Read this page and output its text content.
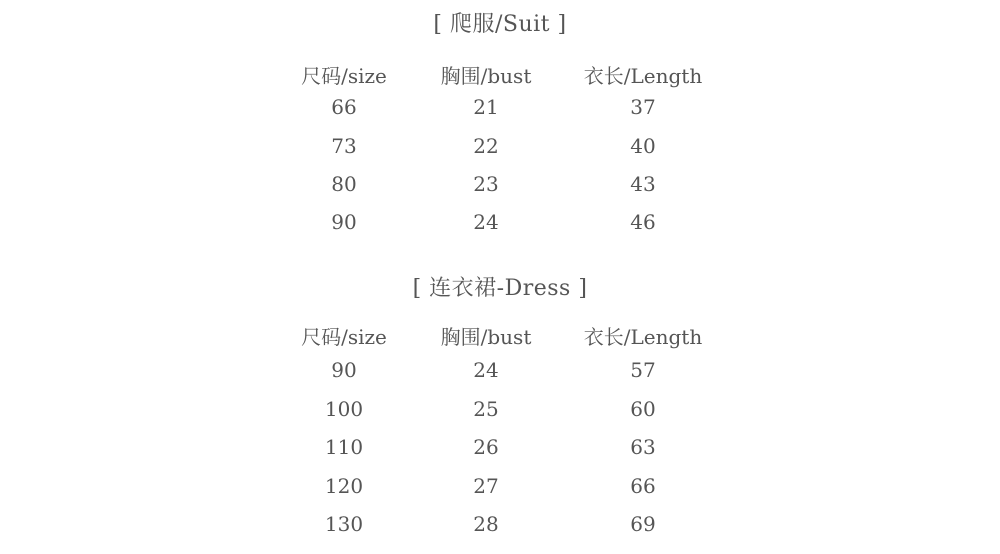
[ 爬服/Suit ]
尺码/size	胸围/bust	衣长/Length
66	21	37
73	22	40
80	23	43
90	24	46
[ 连衣裙-Dress ]
尺码/size	胸围/bust	衣长/Length
90	24	57
100	25	60
110	26	63
120	27	66
130	28	69
